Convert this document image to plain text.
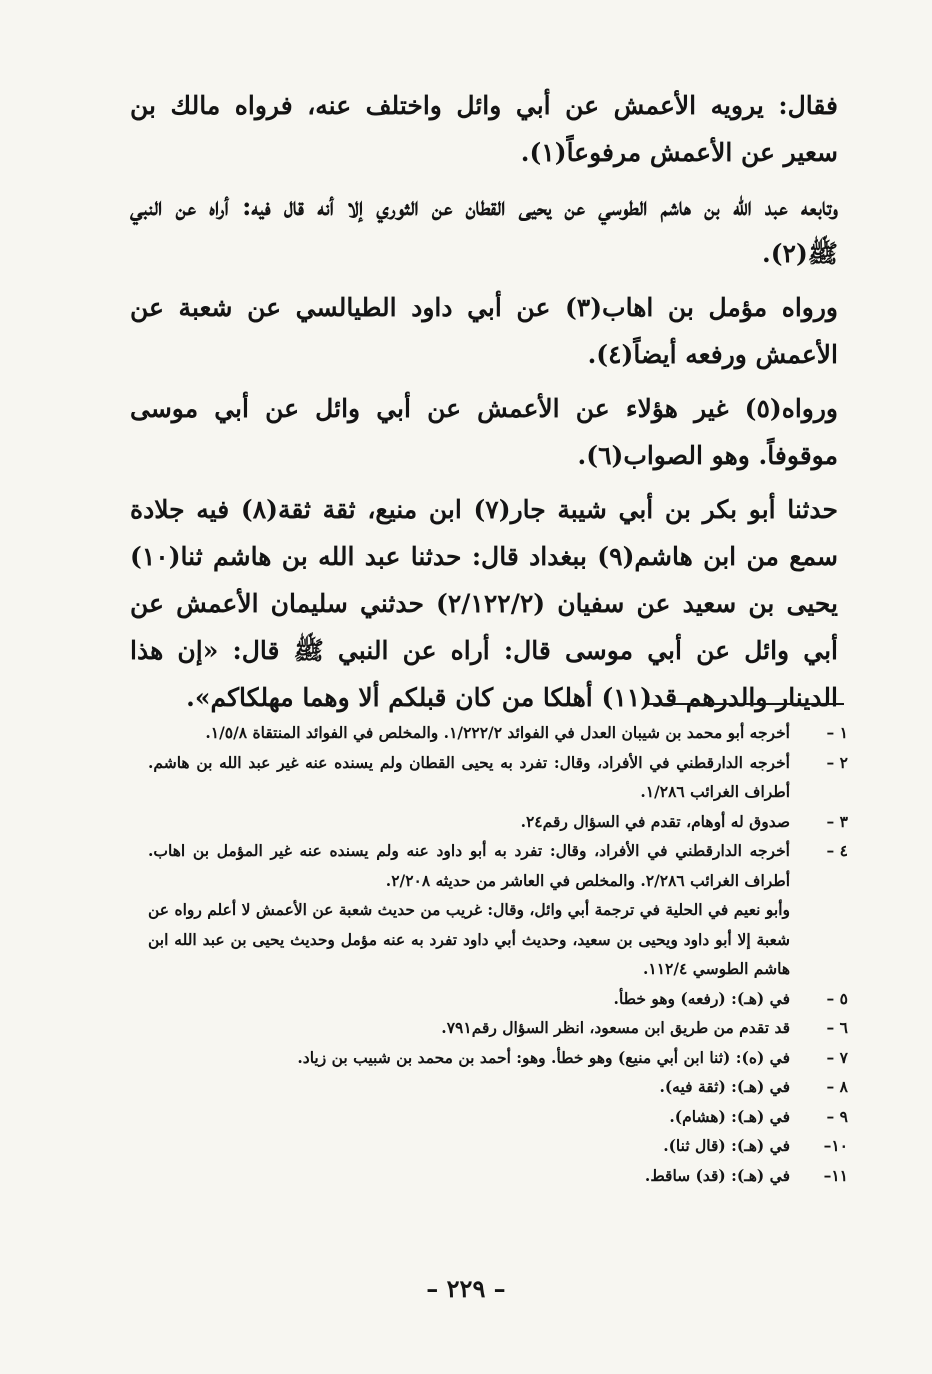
فقال: يرويه الأعمش عن أبي وائل واختلف عنه، فرواه مالك بن سعير عن الأعمش مرفوعاً(١).

وتابعه عبد الله بن هاشم الطوسي عن يحيى القطان عن الثوري إلا أنه قال فيه: أراه عن النبي ﷺ(٢).

ورواه مؤمل بن اهاب(٣) عن أبي داود الطيالسي عن شعبة عن الأعمش ورفعه أيضاً(٤).

ورواه(٥) غير هؤلاء عن الأعمش عن أبي وائل عن أبي موسى موقوفاً. وهو الصواب(٦).

حدثنا أبو بكر بن أبي شيبة جار(٧) ابن منيع، ثقة ثقة(٨) فيه جلادة سمع من ابن هاشم(٩) ببغداد قال: حدثنا عبد الله بن هاشم ثنا(١٠) يحيى بن سعيد عن سفيان (٢/١٢٢/٢) حدثني سليمان الأعمش عن أبي وائل عن أبي موسى قال: أراه عن النبي ﷺ قال: «إن هذا الدينار والدرهم قد(١١) أهلكا من كان قبلكم ألا وهما مهلكاكم».

١ –
أخرجه أبو محمد بن شيبان العدل في الفوائد ١/٢٢٢/٢. والمخلص في الفوائد المنتقاة ١/٥/٨.
٢ –
أخرجه الدارقطني في الأفراد، وقال: تفرد به يحيى القطان ولم يسنده عنه غير عبد الله بن هاشم. أطراف الغرائب ١/٢٨٦.
٣ –
صدوق له أوهام، تقدم في السؤال رقم٢٤.
٤ –
أخرجه الدارقطني في الأفراد، وقال: تفرد به أبو داود عنه ولم يسنده عنه غير المؤمل بن اهاب. أطراف الغرائب ٢/٢٨٦. والمخلص في العاشر من حديثه ٢/٢٠٨.
وأبو نعيم في الحلية في ترجمة أبي وائل، وقال: غريب من حديث شعبة عن الأعمش لا أعلم رواه عن شعبة إلا أبو داود ويحيى بن سعيد، وحديث أبي داود تفرد به عنه مؤمل وحديث يحيى بن عبد الله ابن هاشم الطوسي ١١٢/٤.
٥ –
في (هـ): (رفعه) وهو خطأ.
٦ –
قد تقدم من طريق ابن مسعود، انظر السؤال رقم٧٩١.
٧ –
في (ه): (ثنا ابن أبي منيع) وهو خطأ. وهو: أحمد بن محمد بن شبيب بن زياد.
٨ –
في (هـ): (ثقة فيه).
٩ –
في (هـ): (هشام).
١٠–
في (هـ): (قال ثنا).
١١–
في (هـ): (قد) ساقط.
– ٢٢٩ –
